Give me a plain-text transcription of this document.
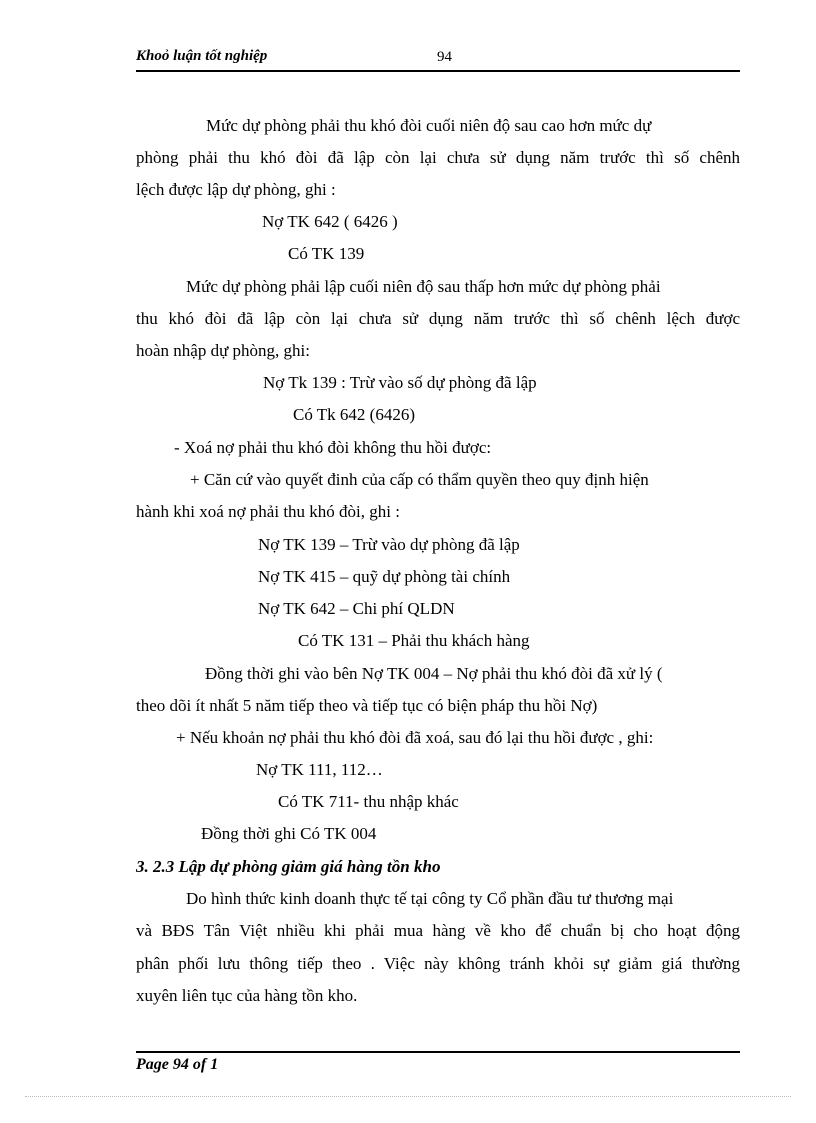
Khoỏ luận tốt nghiệp	94
Mức dự phòng phải thu khó đòi cuối niên độ sau cao hơn mức dự
phòng phải thu khó đòi đã lập còn lại chưa sử dụng năm trước thì số chênh
lệch được lập dự phòng, ghi :
Nợ TK 642 ( 6426 )
Có TK 139
Mức dự phòng phải lập cuối niên độ sau thấp hơn mức dự phòng phải
thu khó đòi đã lập còn lại chưa sử dụng năm trước thì số chênh lệch được
hoàn nhập dự phòng, ghi:
Nợ Tk 139 : Trừ vào số dự phòng đã lập
Có Tk 642 (6426)
- Xoá nợ phải thu khó đòi không thu hồi được:
+ Căn cứ vào quyết đinh của cấp có thẩm quyền theo quy định hiện
hành khi xoá nợ phải thu khó đòi, ghi :
Nợ TK 139 – Trừ vào dự phòng đã lập
Nợ TK 415 – quỹ dự phòng tài chính
Nợ TK 642 – Chi phí QLDN
Có TK 131 – Phải thu khách hàng
Đồng thời ghi vào bên Nợ TK 004 – Nợ phải thu khó đòi đã xử lý (
theo dõi ít nhất 5 năm tiếp theo và tiếp tục có biện pháp thu hồi Nợ)
+ Nếu khoản nợ phải thu khó đòi đã xoá, sau đó lại thu hồi được , ghi:
Nợ TK 111, 112…
Có TK 711- thu nhập khác
Đồng thời ghi Có TK 004
3. 2.3 Lập dự phòng giảm giá hàng tồn kho
Do hình thức kinh doanh thực tế tại công ty Cổ phần đầu tư thương mại
và BĐS Tân Việt nhiều khi phải mua hàng về kho để chuẩn bị cho hoạt động
phân phối lưu thông tiếp theo . Việc này không tránh khỏi sự giảm giá thường
xuyên liên tục của hàng tồn kho.
Page 94 of 1
